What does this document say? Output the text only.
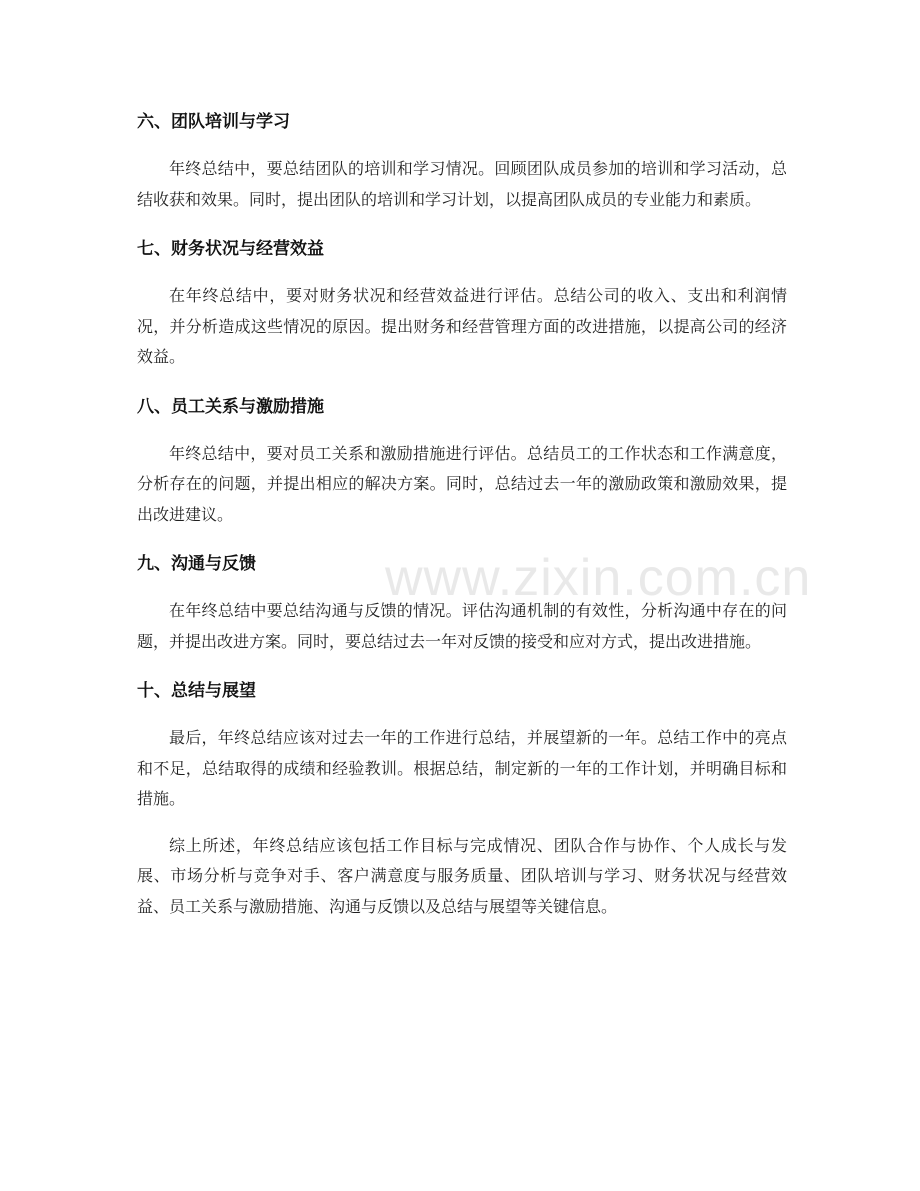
六、团队培训与学习

年终总结中，要总结团队的培训和学习情况。回顾团队成员参加的培训和学习活动，总结收获和效果。同时，提出团队的培训和学习计划，以提高团队成员的专业能力和素质。

七、财务状况与经营效益

在年终总结中，要对财务状况和经营效益进行评估。总结公司的收入、支出和利润情况，并分析造成这些情况的原因。提出财务和经营管理方面的改进措施，以提高公司的经济效益。

八、员工关系与激励措施

年终总结中，要对员工关系和激励措施进行评估。总结员工的工作状态和工作满意度，分析存在的问题，并提出相应的解决方案。同时，总结过去一年的激励政策和激励效果，提出改进建议。

九、沟通与反馈

在年终总结中要总结沟通与反馈的情况。评估沟通机制的有效性，分析沟通中存在的问题，并提出改进方案。同时，要总结过去一年对反馈的接受和应对方式，提出改进措施。

十、总结与展望

最后，年终总结应该对过去一年的工作进行总结，并展望新的一年。总结工作中的亮点和不足，总结取得的成绩和经验教训。根据总结，制定新的一年的工作计划，并明确目标和措施。

综上所述，年终总结应该包括工作目标与完成情况、团队合作与协作、个人成长与发展、市场分析与竞争对手、客户满意度与服务质量、团队培训与学习、财务状况与经营效益、员工关系与激励措施、沟通与反馈以及总结与展望等关键信息。

www.zixin.com.cn
